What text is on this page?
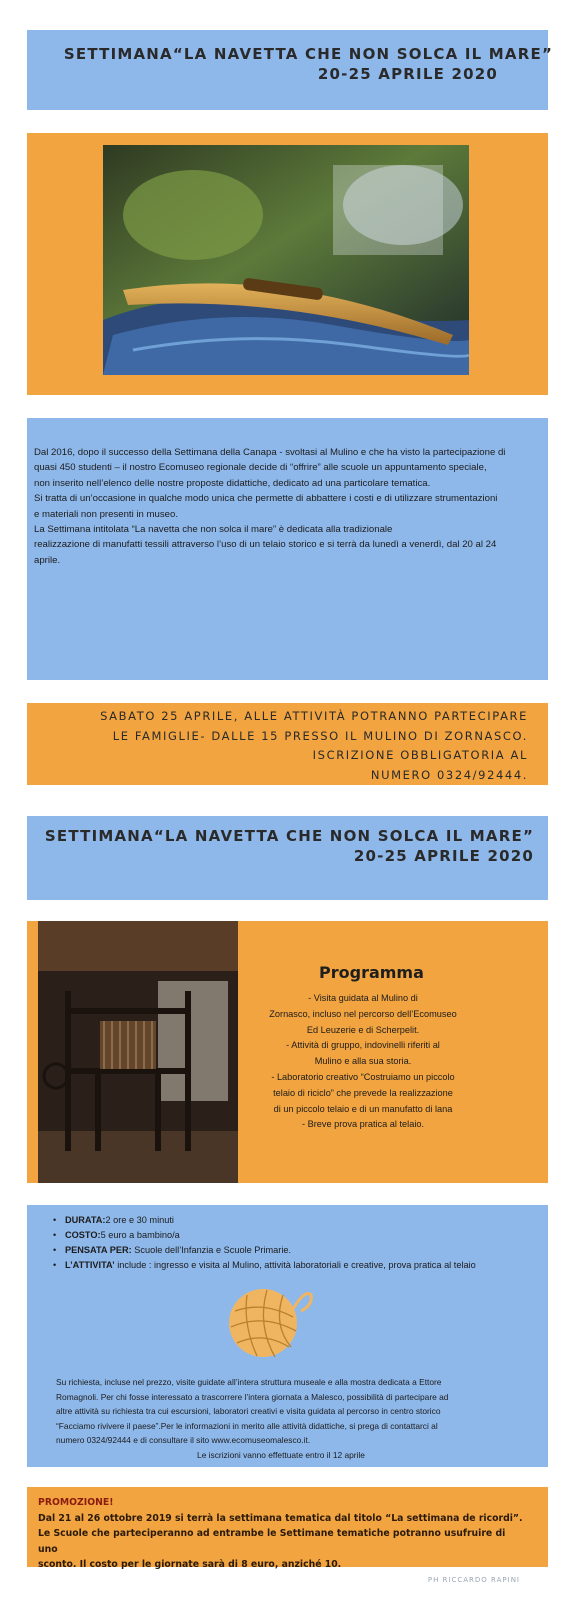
SETTIMANA“LA NAVETTA CHE NON SOLCA IL MARE”
20-25 APRILE 2020

Dal 2016, dopo il successo della Settimana della Canapa - svoltasi al Mulino e che ha visto la partecipazione di

quasi 450 studenti – il nostro Ecomuseo regionale decide di “offrire” alle scuole un appuntamento speciale,

non inserito nell’elenco delle nostre proposte didattiche, dedicato ad una particolare tematica.

Si tratta di un’occasione in qualche modo unica che permette di abbattere i costi e di utilizzare strumentazioni

e materiali non presenti in museo.

La Settimana intitolata “La navetta che non solca il mare” è dedicata alla tradizionale

realizzazione di manufatti tessili attraverso l’uso di un telaio storico e si terrà da lunedì a venerdì, dal 20 al 24

aprile.

SABATO 25 APRILE, ALLE ATTIVITÀ POTRANNO PARTECIPARE
LE FAMIGLIE- DALLE 15 PRESSO IL MULINO DI ZORNASCO.
ISCRIZIONE OBBLIGATORIA AL
NUMERO 0324/92444.
SETTIMANA“LA NAVETTA CHE NON SOLCA IL MARE”
20-25 APRILE 2020
Programma
- Visita guidata al Mulino di
Zornasco, incluso nel percorso dell’Ecomuseo
Ed Leuzerie e di Scherpelit.
- Attività di gruppo, indovinelli riferiti al
Mulino e alla sua storia.
- Laboratorio creativo “Costruiamo un piccolo
telaio di riciclo” che prevede la realizzazione
di un piccolo telaio e di un manufatto di lana
- Breve prova pratica al telaio.
• DURATA:2 ore e 30 minuti
• COSTO:5 euro a bambino/a
• PENSATA PER: Scuole dell’Infanzia e Scuole Primarie.
• L’ATTIVITA’ include : ingresso e visita al Mulino, attività laboratoriali e creative, prova pratica al telaio
Su richiesta, incluse nel prezzo, visite guidate all’intera struttura museale e alla mostra dedicata a Ettore
Romagnoli. Per chi fosse interessato a trascorrere l’intera giornata a Malesco, possibilità di partecipare ad
altre attività su richiesta tra cui escursioni, laboratori creativi e visita guidata al percorso in centro storico
“Facciamo rivivere il paese”.Per le informazioni in merito alle attività didattiche, si prega di contattarci al
numero 0324/92444 e di consultare il sito www.ecomuseomalesco.it.
Le iscrizioni vanno effettuate entro il 12 aprile
PROMOZIONE!
Dal 21 al 26 ottobre 2019 si terrà la settimana tematica dal titolo “La settimana de ricordi”.
Le Scuole che parteciperanno ad entrambe le Settimane tematiche potranno usufruire di uno
sconto. Il costo per le giornate sarà di 8 euro, anziché 10.
PH RICCARDO RAPINI
